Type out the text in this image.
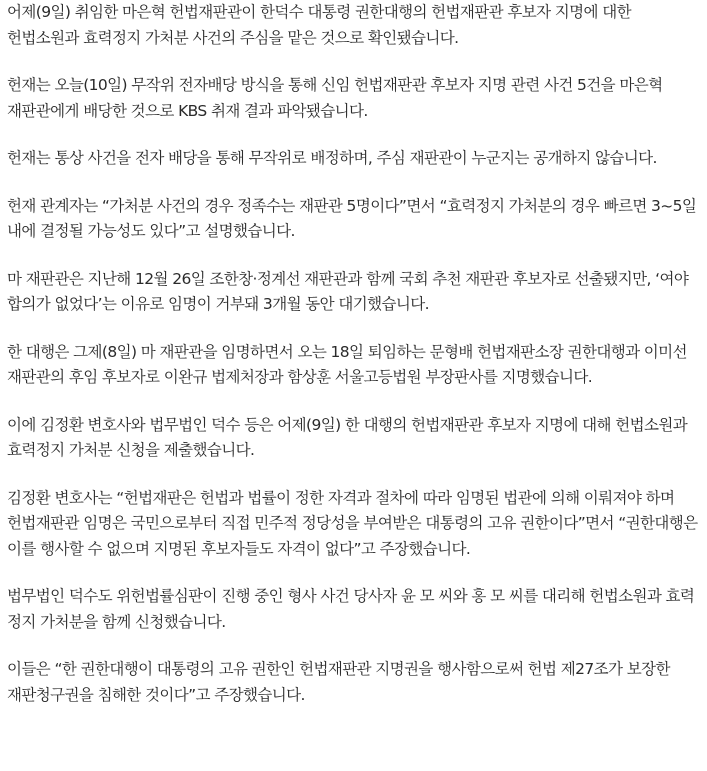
어제(9일) 취임한 마은혁 헌법재판관이 한덕수 대통령 권한대행의 헌법재판관 후보자 지명에 대한 헌법소원과 효력정지 가처분 사건의 주심을 맡은 것으로 확인됐습니다.

헌재는 오늘(10일) 무작위 전자배당 방식을 통해 신임 헌법재판관 후보자 지명 관련 사건 5건을 마은혁 재판관에게 배당한 것으로 KBS 취재 결과 파악됐습니다.

헌재는 통상 사건을 전자 배당을 통해 무작위로 배정하며, 주심 재판관이 누군지는 공개하지 않습니다.

헌재 관계자는 “가처분 사건의 경우 정족수는 재판관 5명이다”면서 “효력정지 가처분의 경우 빠르면 3~5일 내에 결정될 가능성도 있다”고 설명했습니다.

마 재판관은 지난해 12월 26일 조한창·정계선 재판관과 함께 국회 추천 재판관 후보자로 선출됐지만, ‘여야 합의가 없었다’는 이유로 임명이 거부돼 3개월 동안 대기했습니다.

한 대행은 그제(8일) 마 재판관을 임명하면서 오는 18일 퇴임하는 문형배 헌법재판소장 권한대행과 이미선 재판관의 후임 후보자로 이완규 법제처장과 함상훈 서울고등법원 부장판사를 지명했습니다.

이에 김정환 변호사와 법무법인 덕수 등은 어제(9일) 한 대행의 헌법재판관 후보자 지명에 대해 헌법소원과 효력정지 가처분 신청을 제출했습니다.

김정환 변호사는 “헌법재판은 헌법과 법률이 정한 자격과 절차에 따라 임명된 법관에 의해 이뤄져야 하며 헌법재판관 임명은 국민으로부터 직접 민주적 정당성을 부여받은 대통령의 고유 권한이다”면서 “권한대행은 이를 행사할 수 없으며 지명된 후보자들도 자격이 없다”고 주장했습니다.

법무법인 덕수도 위헌법률심판이 진행 중인 형사 사건 당사자 윤 모 씨와 홍 모 씨를 대리해 헌법소원과 효력 정지 가처분을 함께 신청했습니다.

이들은 “한 권한대행이 대통령의 고유 권한인 헌법재판관 지명권을 행사함으로써 헌법 제27조가 보장한 재판청구권을 침해한 것이다”고 주장했습니다.
